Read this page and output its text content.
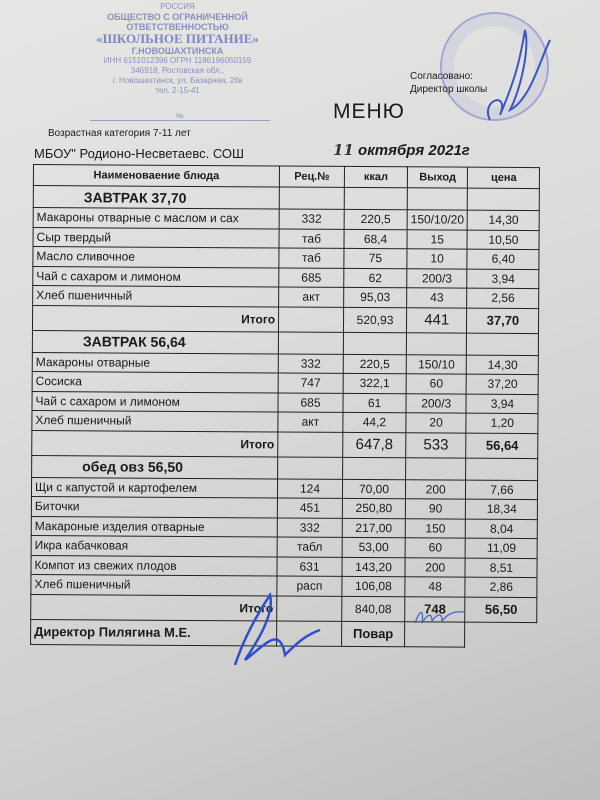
РОССИЯ
ОБЩЕСТВО С ОГРАНИЧЕННОЙ
ОТВЕТСТВЕННОСТЬЮ
«ШКОЛЬНОЕ ПИТАНИЕ»
Г.НОВОШАХТИНСКА
ИНН 6151012396 ОГРН 1186196050159
346918, Ростовская обл.,
г. Новошахтинск, ул. Базарная, 26к
тел. 2-15-41
№
Возрастная категория 7-11 лет
Согласовано:
Директор школы
МЕНЮ
МБОУ" Родионо-Несветаевс. СОШ	11 октября 2021г
Наименоваение блюда	Рец.№	ккал	Выход	цена
ЗАВТРАК 37,70				
Макароны отварные с маслом и сах	332	220,5	150/10/20	14,30
Сыр твердый	таб	68,4	15	10,50
Масло сливочное	таб	75	10	6,40
Чай с сахаром и лимоном	685	62	200/3	3,94
Хлеб пшеничный	акт	95,03	43	2,56
Итого		520,93	441	37,70
ЗАВТРАК 56,64				
Макароны отварные	332	220,5	150/10	14,30
Сосиска	747	322,1	60	37,20
Чай с сахаром и лимоном	685	61	200/3	3,94
Хлеб пшеничный	акт	44,2	20	1,20
Итого		647,8	533	56,64
обед овз 56,50				
Щи с капустой и картофелем	124	70,00	200	7,66
Биточки	451	250,80	90	18,34
Макароные изделия отварные	332	217,00	150	8,04
Икра кабачковая	табл	53,00	60	11,09
Компот из свежих плодов	631	143,20	200	8,51
Хлеб пшеничный	расп	106,08	48	2,86
Итого		840,08	748	56,50
Директор Пилягина М.Е.		Повар		
